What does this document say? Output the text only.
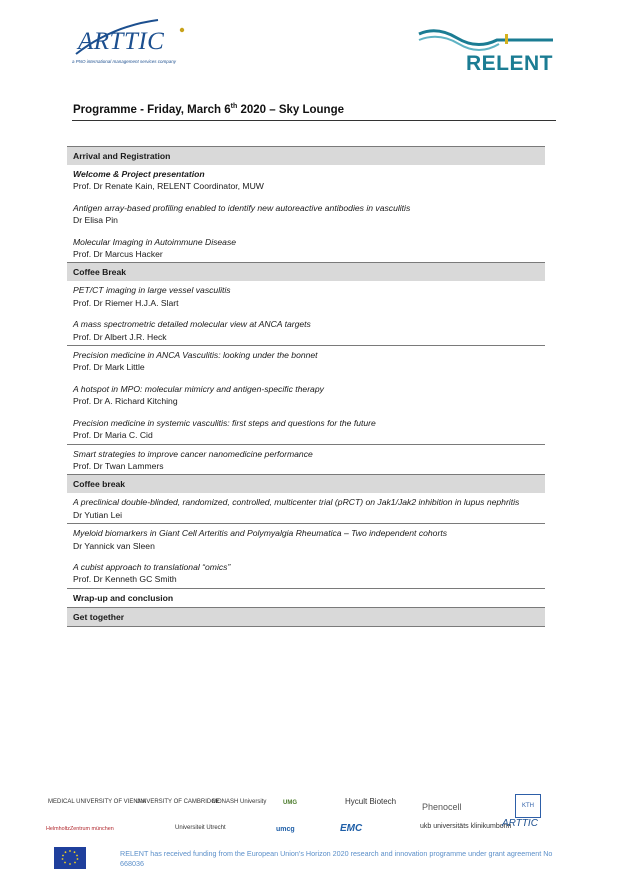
ARTTIC
a PNO international management services company	RELENT
Programme - Friday, March 6th 2020 – Sky Lounge
Arrival and Registration
Welcome & Project presentation
Prof. Dr Renate Kain, RELENT Coordinator, MUW
Antigen array-based profiling enabled to identify new autoreactive antibodies in vasculitis
Dr Elisa Pin
Molecular Imaging in Autoimmune Disease
Prof. Dr Marcus Hacker
Coffee Break
PET/CT imaging in large vessel vasculitis
Prof. Dr Riemer H.J.A. Slart
A mass spectrometric detailed molecular view at ANCA targets
Prof. Dr Albert J.R. Heck
Precision medicine in ANCA Vasculitis: looking under the bonnet
Prof. Dr Mark Little
A hotspot in MPO: molecular mimicry and antigen-specific therapy
Prof. Dr A. Richard Kitching
Precision medicine in systemic vasculitis: first steps and questions for the future
Prof. Dr Maria C. Cid
Smart strategies to improve cancer nanomedicine performance
Prof. Dr Twan Lammers
Coffee break
A preclinical double-blinded, randomized, controlled, multicenter trial (pRCT) on Jak1/Jak2 inhibition in lupus nephritis
Dr Yutian Lei
Myeloid biomarkers in Giant Cell Arteritis and Polymyalgia Rheumatica – Two independent cohorts
Dr Yannick van Sleen
A cubist approach to translational “omics”
Prof. Dr Kenneth GC Smith
Wrap-up and conclusion
Get together
MEDICAL UNIVERSITY OF VIENNA
UNIVERSITY OF CAMBRIDGE
MONASH University	UMG	Hycult Biotech
Phenocell	KTH
HelmholtzZentrum münchen	Universiteit Utrecht	umcg	EMC	ukb universitäts klinikumbonn
ARTTIC
RELENT has received funding from the European Union’s Horizon 2020 research and innovation programme under grant agreement No 668036
